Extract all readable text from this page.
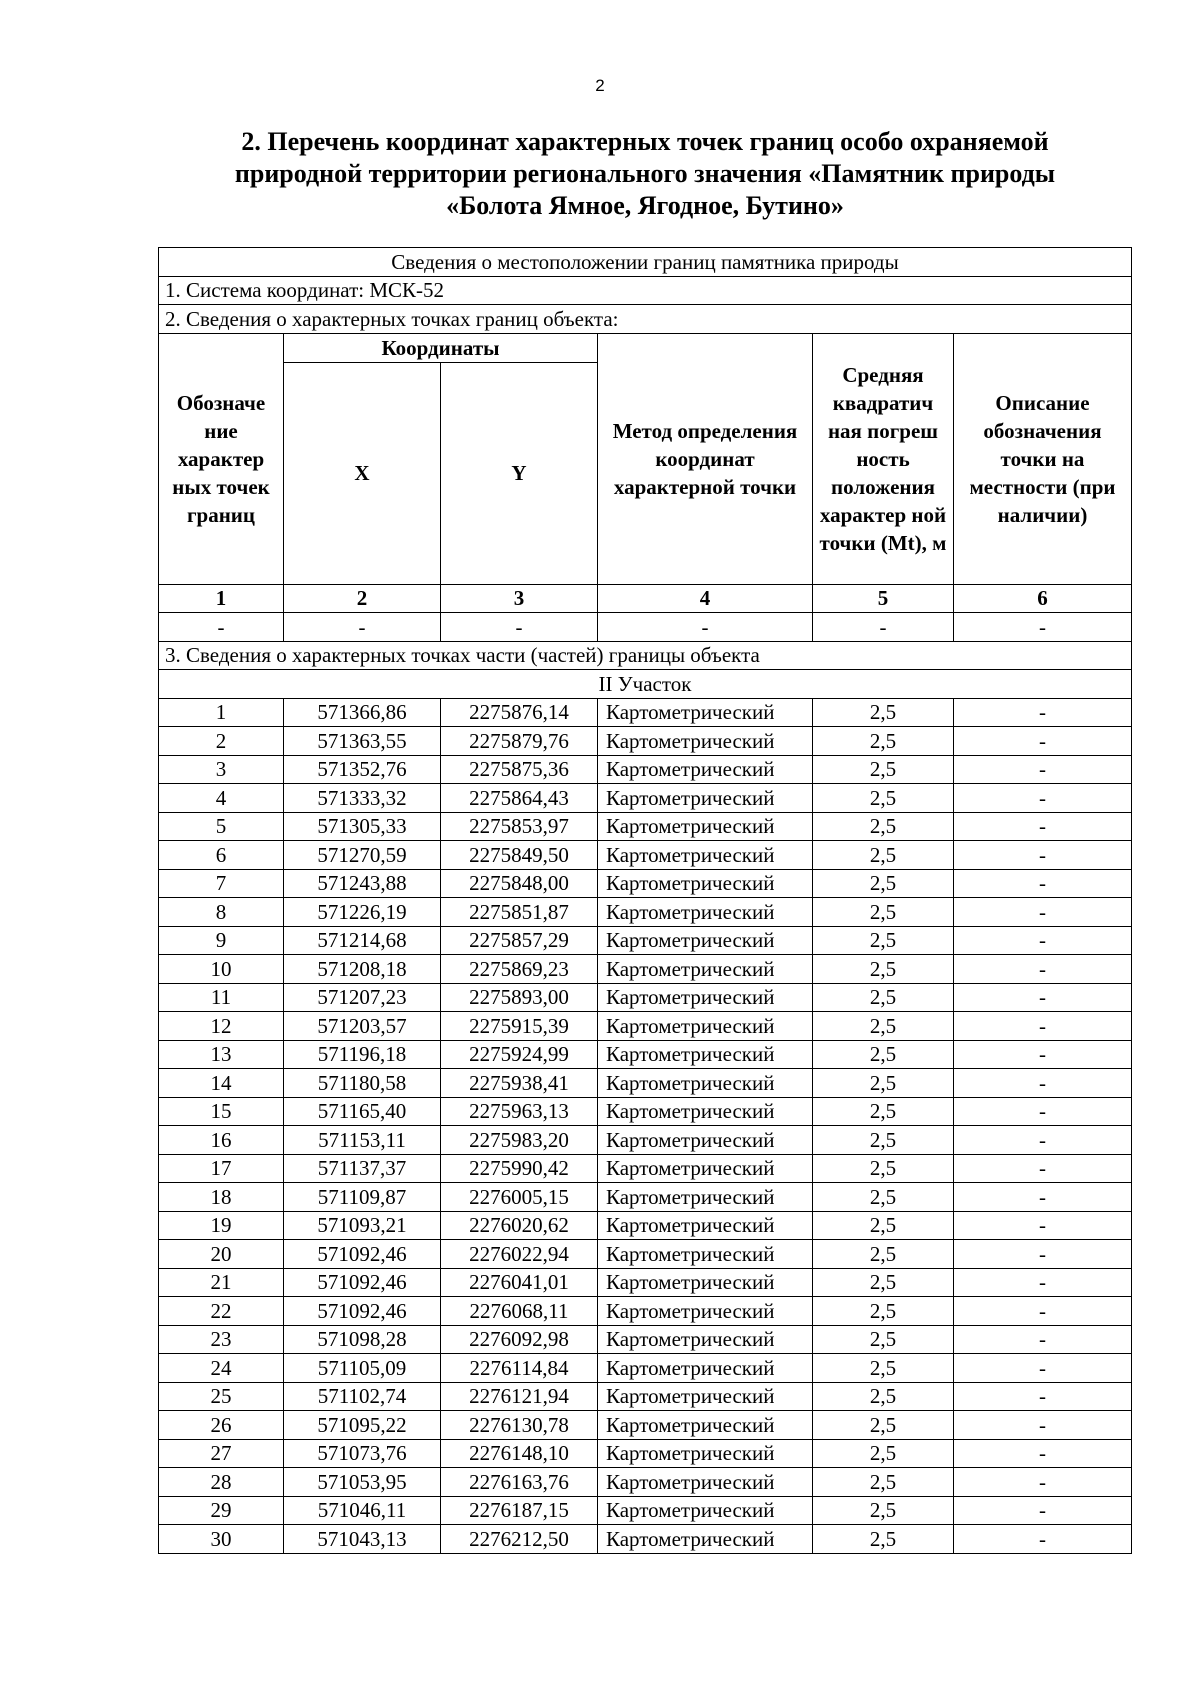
2
2. Перечень координат характерных точек границ особо охраняемой
природной территории регионального значения «Памятник природы
«Болота Ямное, Ягодное, Бутино»
Сведения о местоположении границ памятника природы					
1. Система координат: МСК-52					
2. Сведения о характерных точках границ объекта:					
Обозначе ние характер ных точек границ	Координаты		Метод определения координат характерной точки	Средняя квадратич ная погреш ность положения характер ной точки (Mt), м	Описание обозначения точки на местности (при наличии)
	X	Y			
1	2	3	4	5	6
-	-	-	-	-	-
3. Сведения о характерных точках части (частей) границы объекта					
II Участок					
1	571366,86	2275876,14	Картометрический	2,5	-
2	571363,55	2275879,76	Картометрический	2,5	-
3	571352,76	2275875,36	Картометрический	2,5	-
4	571333,32	2275864,43	Картометрический	2,5	-
5	571305,33	2275853,97	Картометрический	2,5	-
6	571270,59	2275849,50	Картометрический	2,5	-
7	571243,88	2275848,00	Картометрический	2,5	-
8	571226,19	2275851,87	Картометрический	2,5	-
9	571214,68	2275857,29	Картометрический	2,5	-
10	571208,18	2275869,23	Картометрический	2,5	-
11	571207,23	2275893,00	Картометрический	2,5	-
12	571203,57	2275915,39	Картометрический	2,5	-
13	571196,18	2275924,99	Картометрический	2,5	-
14	571180,58	2275938,41	Картометрический	2,5	-
15	571165,40	2275963,13	Картометрический	2,5	-
16	571153,11	2275983,20	Картометрический	2,5	-
17	571137,37	2275990,42	Картометрический	2,5	-
18	571109,87	2276005,15	Картометрический	2,5	-
19	571093,21	2276020,62	Картометрический	2,5	-
20	571092,46	2276022,94	Картометрический	2,5	-
21	571092,46	2276041,01	Картометрический	2,5	-
22	571092,46	2276068,11	Картометрический	2,5	-
23	571098,28	2276092,98	Картометрический	2,5	-
24	571105,09	2276114,84	Картометрический	2,5	-
25	571102,74	2276121,94	Картометрический	2,5	-
26	571095,22	2276130,78	Картометрический	2,5	-
27	571073,76	2276148,10	Картометрический	2,5	-
28	571053,95	2276163,76	Картометрический	2,5	-
29	571046,11	2276187,15	Картометрический	2,5	-
30	571043,13	2276212,50	Картометрический	2,5	-
